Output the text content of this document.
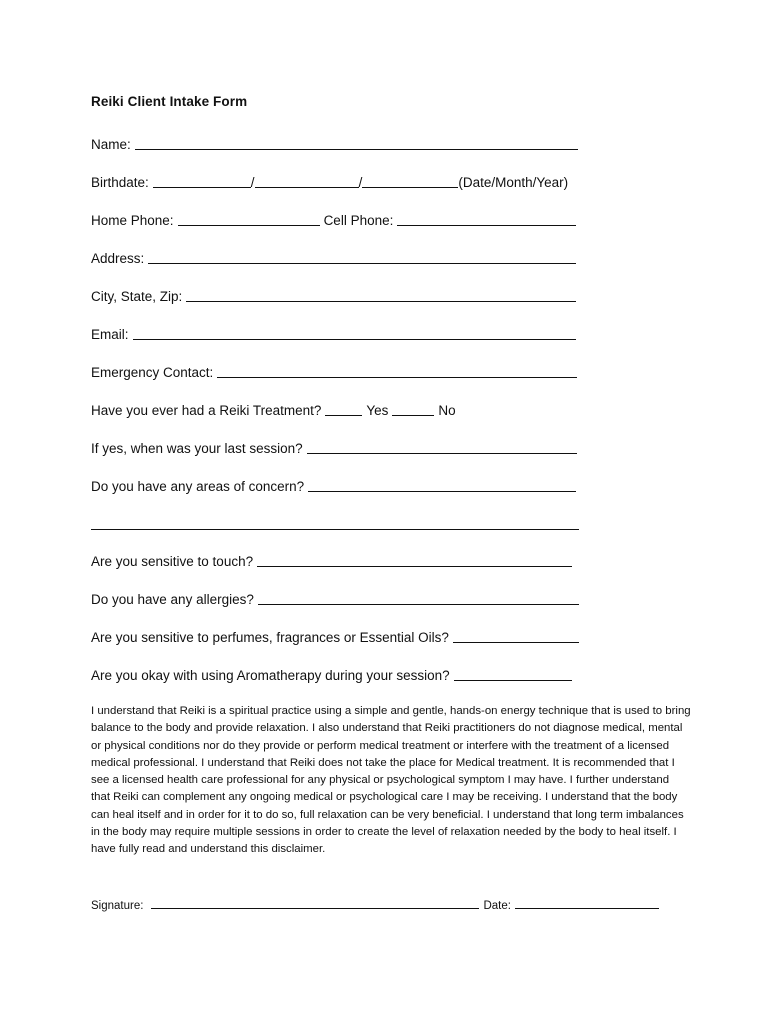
Reiki Client Intake Form
Name:
Birthdate:	/	/	(Date/Month/Year)
Home Phone:	Cell Phone:
Address:
City, State, Zip:
Email:
Emergency Contact:
Have you ever had a Reiki Treatment?	Yes	No
If yes, when was your last session?
Do you have any areas of concern?
Are you sensitive to touch?
Do you have any allergies?
Are you sensitive to perfumes, fragrances or Essential Oils?
Are you okay with using Aromatherapy during your session?
I understand that Reiki is a spiritual practice using a simple and gentle, hands-on energy technique that is used to bring balance to the body and provide relaxation. I also understand that Reiki practitioners do not diagnose medical, mental or physical conditions nor do they provide or perform medical treatment or interfere with the treatment of a licensed medical professional. I understand that Reiki does not take the place for Medical treatment. It is recommended that I see a licensed health care professional for any physical or psychological symptom I may have. I further understand that Reiki can complement any ongoing medical or psychological care I may be receiving. I understand that the body can heal itself and in order for it to do so, full relaxation can be very beneficial. I understand that long term imbalances in the body may require multiple sessions in order to create the level of relaxation needed by the body to heal itself. I have fully read and understand this disclaimer.
Signature:	Date:
